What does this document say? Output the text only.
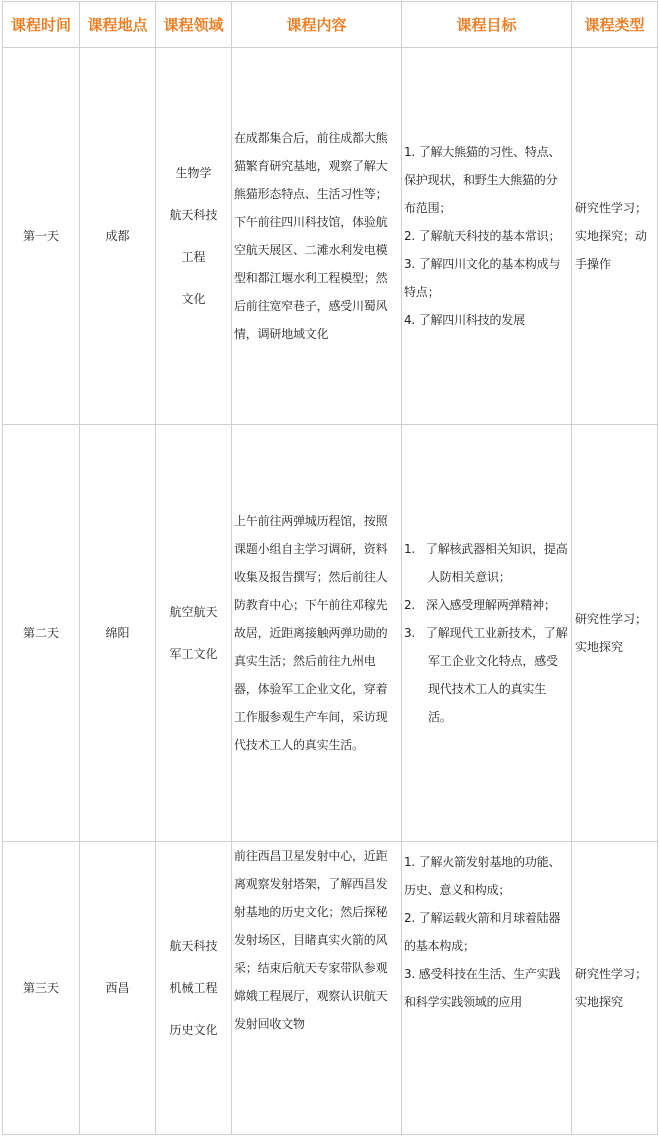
课程时间	课程地点	课程领域	课程内容	课程目标	课程类型
第一天	成都	生物学
航天科技
工程
文化	在成都集合后，前往成都大熊猫繁育研究基地，观察了解大熊猫形态特点、生活习性等；下午前往四川科技馆，体验航空航天展区、二滩水利发电模型和都江堰水利工程模型；然后前往宽窄巷子，感受川蜀风情，调研地域文化	1. 了解大熊猫的习性、特点、保护现状，和野生大熊猫的分布范围；
2. 了解航天科技的基本常识；
3. 了解四川文化的基本构成与特点；
4. 了解四川科技的发展	研究性学习；实地探究；动手操作
第二天	绵阳	航空航天
军工文化	上午前往两弹城历程馆，按照课题小组自主学习调研，资料收集及报告撰写；然后前往人防教育中心；下午前往邓稼先故居，近距离接触两弹功勋的真实生活；然后前往九州电器，体验军工企业文化，穿着工作服参观生产车间，采访现代技术工人的真实生活。	1.   了解核武器相关知识，提高人防相关意识；
2.   深入感受理解两弹精神；
3.   了解现代工业新技术，了解军工企业文化特点，感受现代技术工人的真实生活。	研究性学习；实地探究
第三天	西昌	航天科技
机械工程
历史文化	前往西昌卫星发射中心，近距离观察发射塔架，了解西昌发射基地的历史文化；然后探秘发射场区，目睹真实火箭的风采；结束后航天专家带队参观嫦娥工程展厅，观察认识航天发射回收文物	1. 了解火箭发射基地的功能、历史、意义和构成；
2. 了解运载火箭和月球着陆器的基本构成；
3. 感受科技在生活、生产实践和科学实践领域的应用	研究性学习；实地探究
